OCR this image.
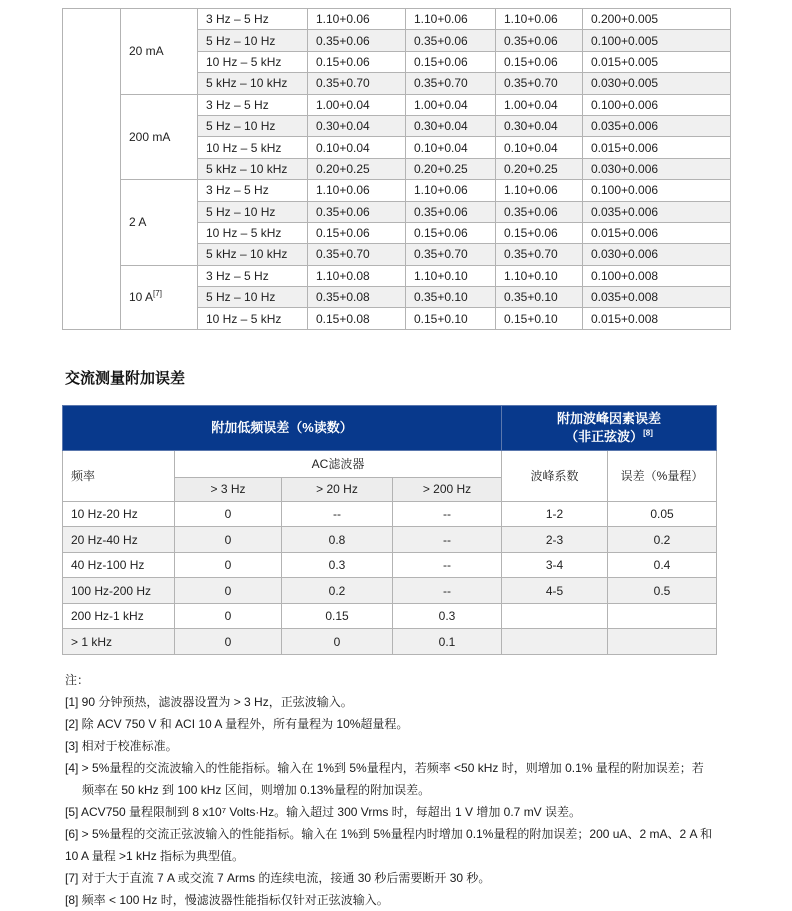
	20 mA	3 Hz – 5 Hz	1.10+0.06	1.10+0.06	1.10+0.06	0.200+0.005
		5 Hz – 10 Hz	0.35+0.06	0.35+0.06	0.35+0.06	0.100+0.005
		10 Hz – 5 kHz	0.15+0.06	0.15+0.06	0.15+0.06	0.015+0.005
		5 kHz – 10 kHz	0.35+0.70	0.35+0.70	0.35+0.70	0.030+0.005
	200 mA	3 Hz – 5 Hz	1.00+0.04	1.00+0.04	1.00+0.04	0.100+0.006
		5 Hz – 10 Hz	0.30+0.04	0.30+0.04	0.30+0.04	0.035+0.006
		10 Hz – 5 kHz	0.10+0.04	0.10+0.04	0.10+0.04	0.015+0.006
		5 kHz – 10 kHz	0.20+0.25	0.20+0.25	0.20+0.25	0.030+0.006
	2 A	3 Hz – 5 Hz	1.10+0.06	1.10+0.06	1.10+0.06	0.100+0.006
		5 Hz – 10 Hz	0.35+0.06	0.35+0.06	0.35+0.06	0.035+0.006
		10 Hz – 5 kHz	0.15+0.06	0.15+0.06	0.15+0.06	0.015+0.006
		5 kHz – 10 kHz	0.35+0.70	0.35+0.70	0.35+0.70	0.030+0.006
	10 A[7]	3 Hz – 5 Hz	1.10+0.08	1.10+0.10	1.10+0.10	0.100+0.008
		5 Hz – 10 Hz	0.35+0.08	0.35+0.10	0.35+0.10	0.035+0.008
		10 Hz – 5 kHz	0.15+0.08	0.15+0.10	0.15+0.10	0.015+0.008
交流测量附加误差
附加低频误差（%读数）				附加波峰因素误差
（非正弦波）[8]

频率	AC滤波器			波峰系数	误差（%量程）
	> 3 Hz	> 20 Hz	> 200 Hz		
10 Hz-20 Hz	0	--	--	1-2	0.05
20 Hz-40 Hz	0	0.8	--	2-3	0.2
40 Hz-100 Hz	0	0.3	--	3-4	0.4
100 Hz-200 Hz	0	0.2	--	4-5	0.5
200 Hz-1 kHz	0	0.15	0.3		
> 1 kHz	0	0	0.1		
注：
[1] 90 分钟预热，滤波器设置为 > 3 Hz，正弦波输入。
[2] 除 ACV 750 V 和 ACI 10 A 量程外，所有量程为 10%超量程。
[3] 相对于校准标准。
[4] > 5%量程的交流波输入的性能指标。输入在 1%到 5%量程内，若频率 <50 kHz 时，则增加 0.1% 量程的附加误差；若
频率在 50 kHz 到 100 kHz 区间，则增加 0.13%量程的附加误差。
[5] ACV750 量程限制到 8 x10⁷ Volts·Hz。输入超过 300 Vrms 时，每超出 1 V 增加 0.7 mV 误差。
[6] > 5%量程的交流正弦波输入的性能指标。输入在 1%到 5%量程内时增加 0.1%量程的附加误差；200 uA、2 mA、2 A 和
10 A 量程 >1 kHz 指标为典型值。
[7] 对于大于直流 7 A 或交流 7 Arms 的连续电流，接通 30 秒后需要断开 30 秒。
[8] 频率 < 100 Hz 时，慢滤波器性能指标仅针对正弦波输入。
